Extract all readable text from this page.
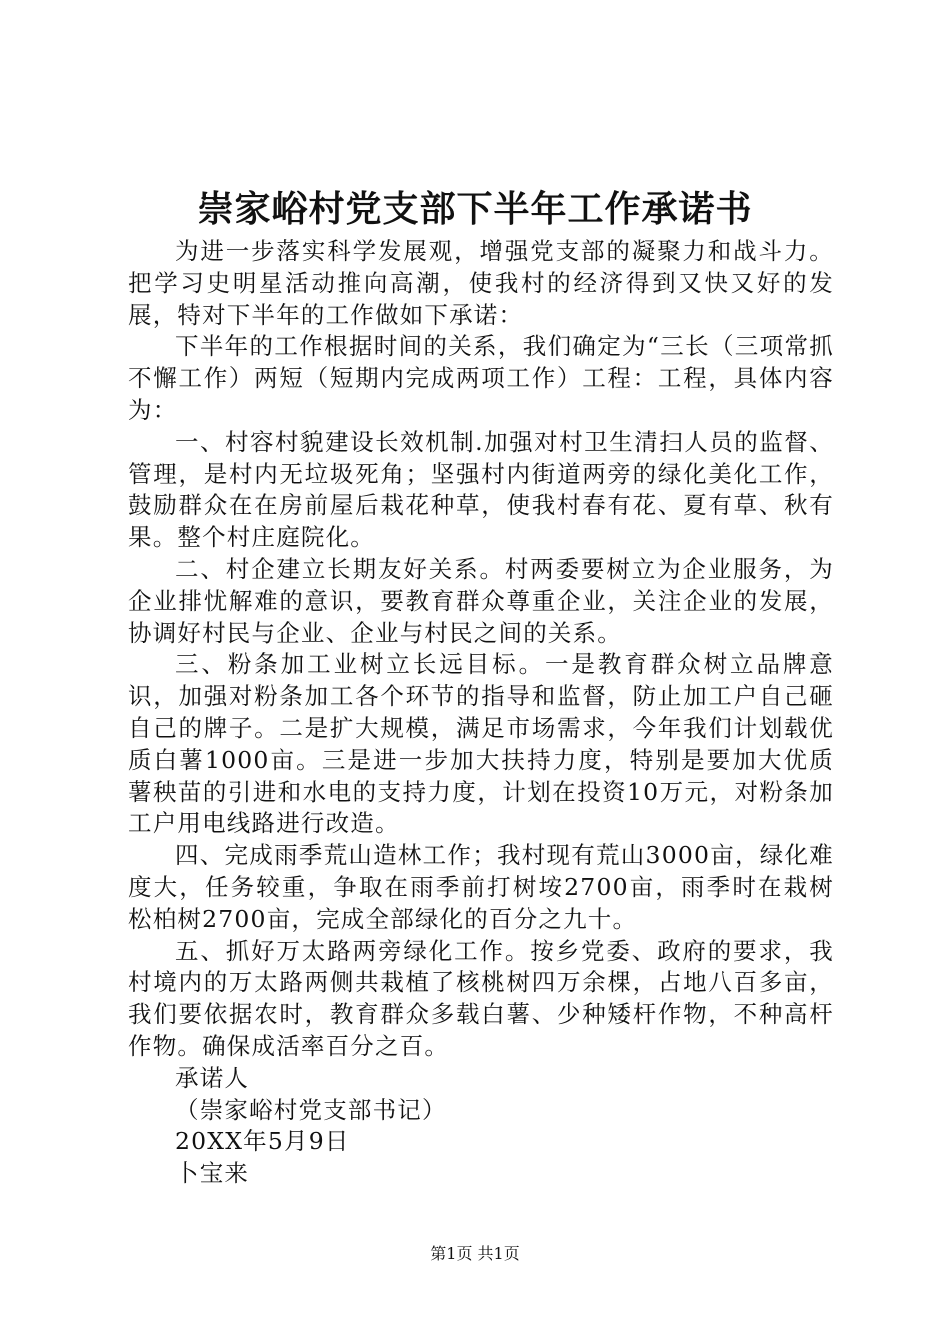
崇家峪村党支部下半年工作承诺书

为进一步落实科学发展观，增强党支部的凝聚力和战斗力。把学习史明星活动推向高潮，使我村的经济得到又快又好的发展，特对下半年的工作做如下承诺：

下半年的工作根据时间的关系，我们确定为“三长（三项常抓不懈工作）两短（短期内完成两项工作）工程：工程，具体内容为：

一、村容村貌建设长效机制.加强对村卫生清扫人员的监督、管理，是村内无垃圾死角；坚强村内街道两旁的绿化美化工作，鼓励群众在在房前屋后栽花种草，使我村春有花、夏有草、秋有果。整个村庄庭院化。

二、村企建立长期友好关系。村两委要树立为企业服务，为企业排忧解难的意识，要教育群众尊重企业，关注企业的发展，协调好村民与企业、企业与村民之间的关系。

三、粉条加工业树立长远目标。一是教育群众树立品牌意识，加强对粉条加工各个环节的指导和监督，防止加工户自己砸自己的牌子。二是扩大规模，满足市场需求，今年我们计划载优质白薯1000亩。三是进一步加大扶持力度，特别是要加大优质薯秧苗的引进和水电的支持力度，计划在投资10万元，对粉条加工户用电线路进行改造。

四、完成雨季荒山造林工作；我村现有荒山3000亩，绿化难度大，任务较重，争取在雨季前打树垵2700亩，雨季时在栽树松柏树2700亩，完成全部绿化的百分之九十。

五、抓好万太路两旁绿化工作。按乡党委、政府的要求，我村境内的万太路两侧共栽植了核桃树四万余棵，占地八百多亩，我们要依据农时，教育群众多载白薯、少种矮杆作物，不种高杆作物。确保成活率百分之百。

承诺人

（崇家峪村党支部书记）

20XX年5月9日

卜宝来

第1页 共1页
